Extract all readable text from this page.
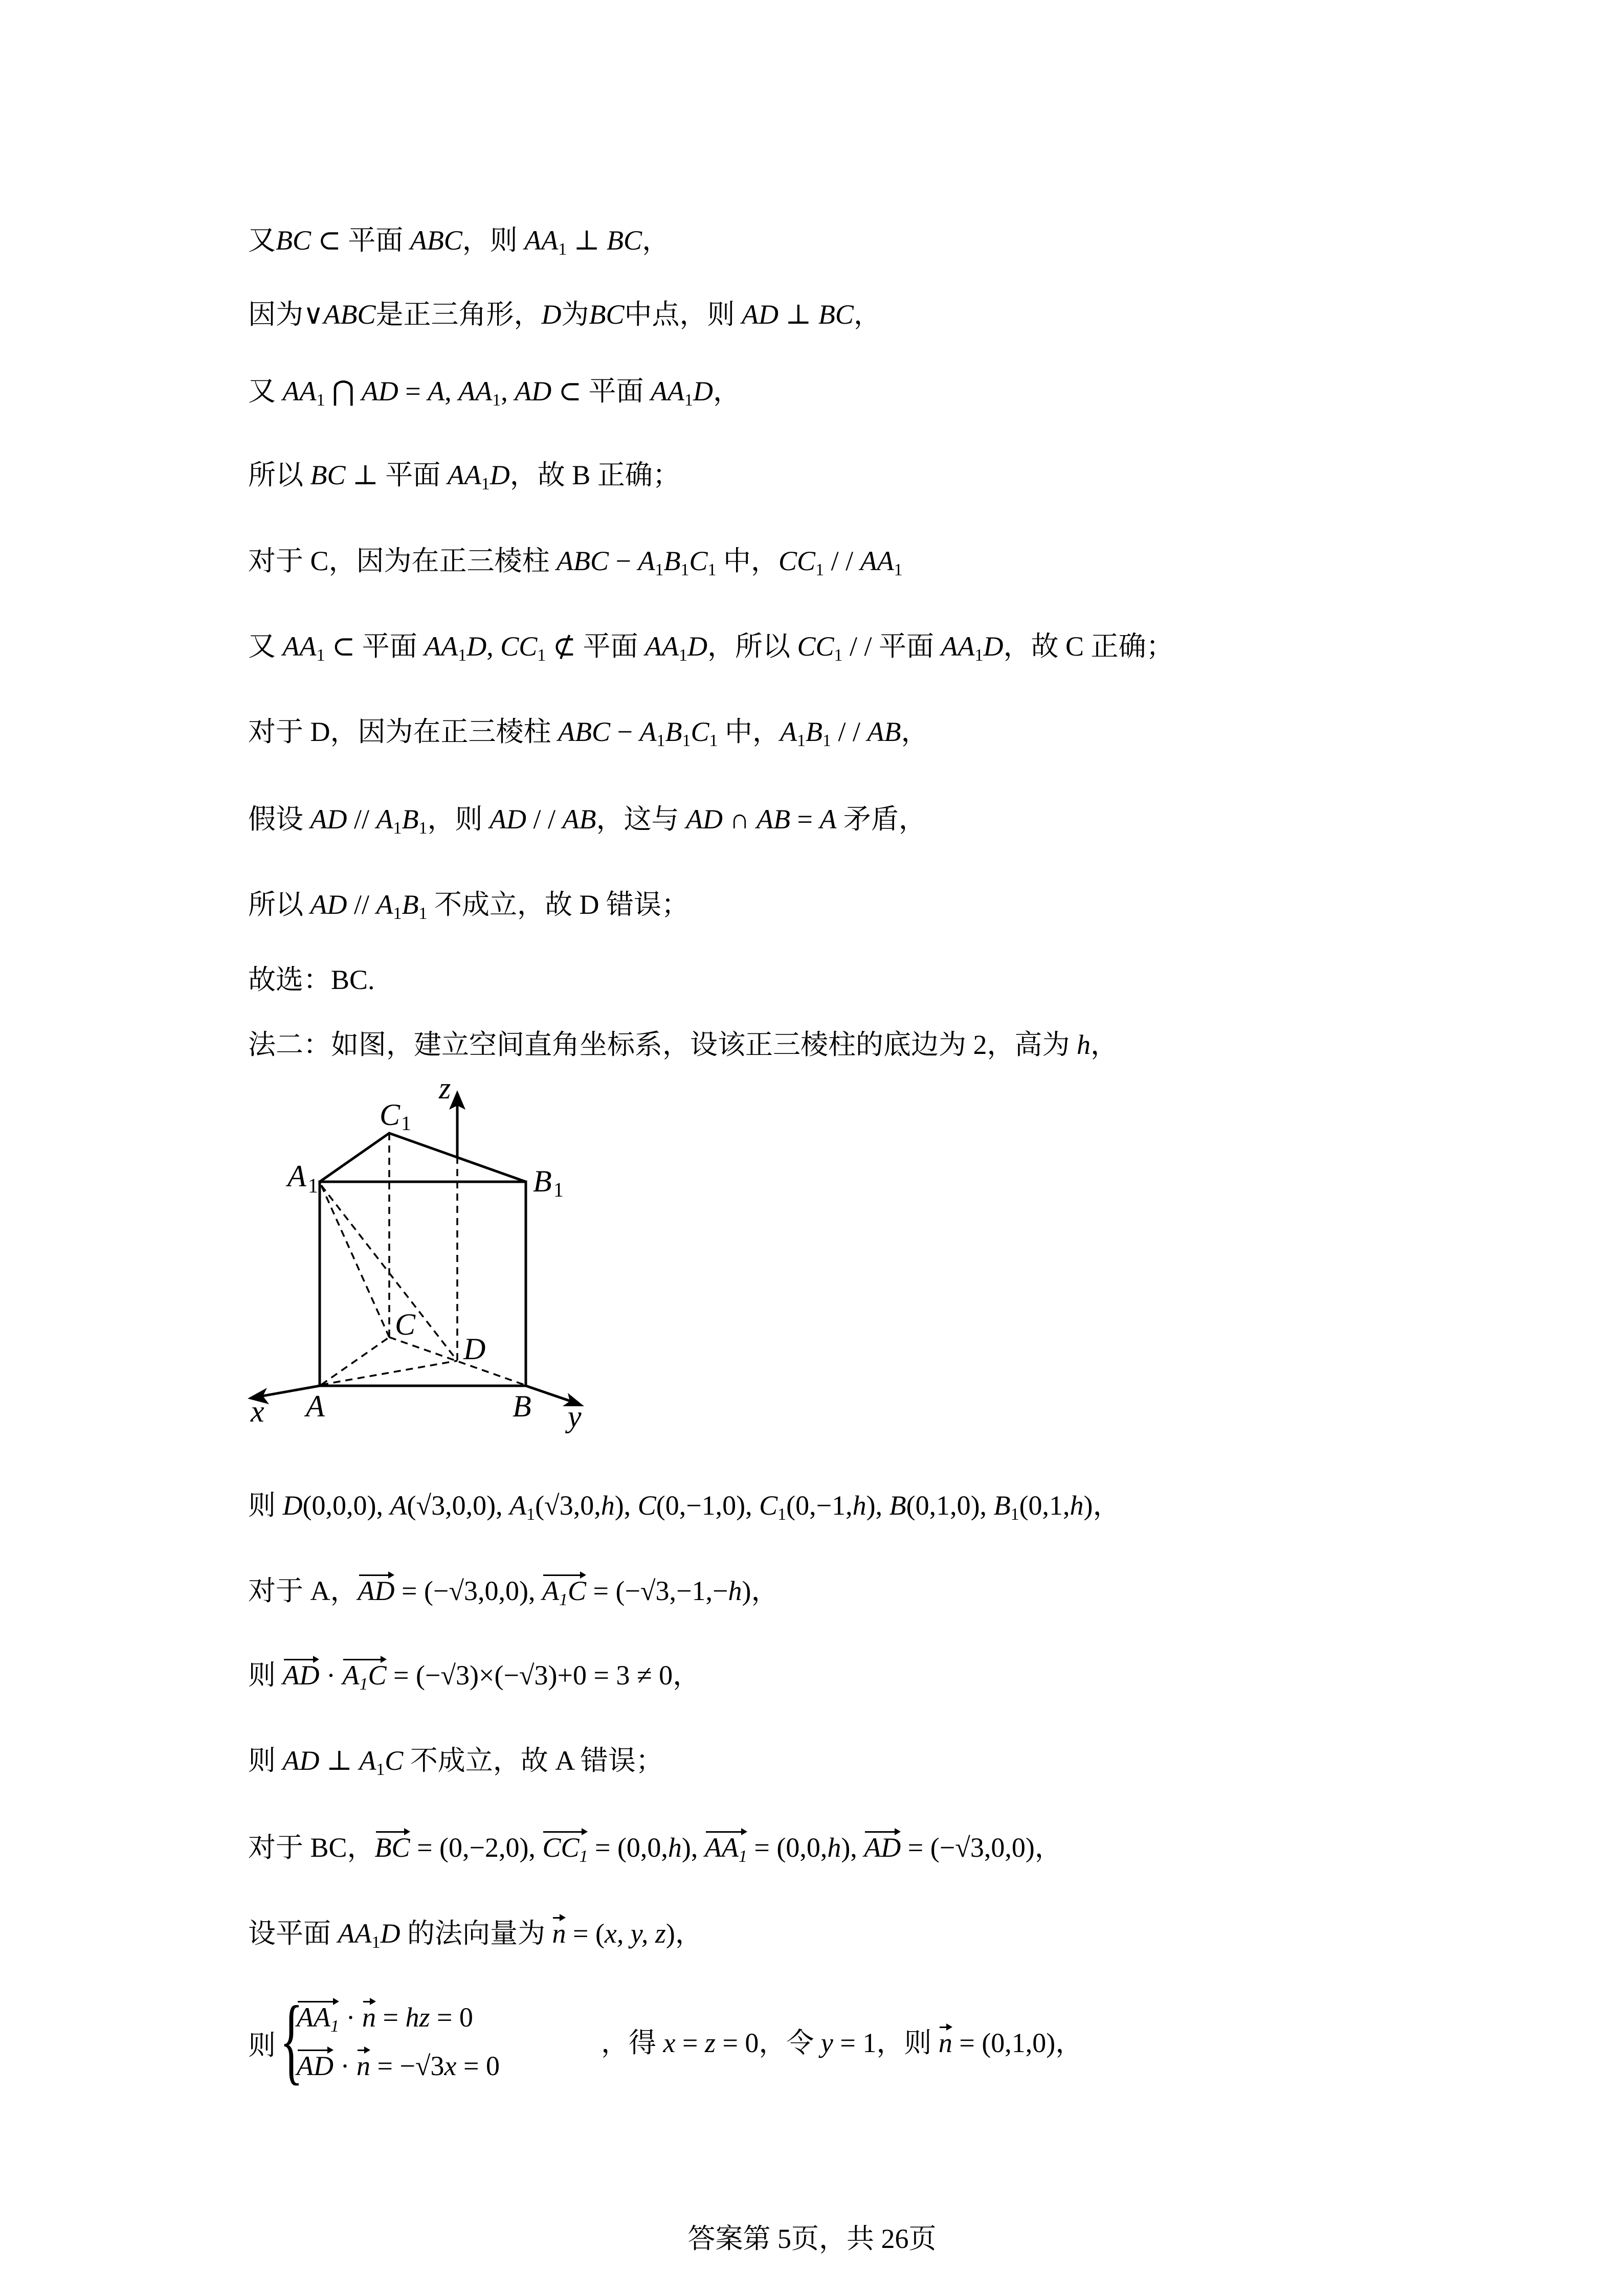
又BC ⊂ 平面 ABC，则 AA1 ⊥ BC，
因为∨ABC是正三角形，D为BC中点，则 AD ⊥ BC，
又 AA1 ⋂ AD = A, AA1, AD ⊂ 平面 AA1D，
所以 BC ⊥ 平面 AA1D，故 B 正确；
对于 C，因为在正三棱柱 ABC − A1B1C1 中，CC1 / / AA1
又 AA1 ⊂ 平面 AA1D, CC1 ⊄ 平面 AA1D，所以 CC1 / / 平面 AA1D，故 C 正确；
对于 D，因为在正三棱柱 ABC − A1B1C1 中，A1B1 / / AB，
假设 AD // A1B1，则 AD / / AB，这与 AD ∩ AB = A 矛盾，
所以 AD // A1B1 不成立，故 D 错误；
故选：BC.
法二：如图，建立空间直角坐标系，设该正三棱柱的底边为 2，高为 h，
则 D(0,0,0), A(√3,0,0), A1(√3,0,h), C(0,−1,0), C1(0,−1,h), B(0,1,0), B1(0,1,h)，
对于 A，AD = (−√3,0,0), A1C = (−√3,−1,−h)，
则 AD · A1C = (−√3)×(−√3)+0 = 3 ≠ 0，
则 AD ⊥ A1C 不成立，故 A 错误；
对于 BC，BC = (0,−2,0), CC1 = (0,0,h), AA1 = (0,0,h), AD = (−√3,0,0)，
设平面 AA1D 的法向量为 n = (x, y, z)，
z
C 1
A 1	B 1
C
D
A	B
x	y
则 {
AA1 · n = hz = 0
AD · n = −√3x = 0
，得 x = z = 0，令 y = 1，则 n = (0,1,0)，
答案第 5页，共 26页
